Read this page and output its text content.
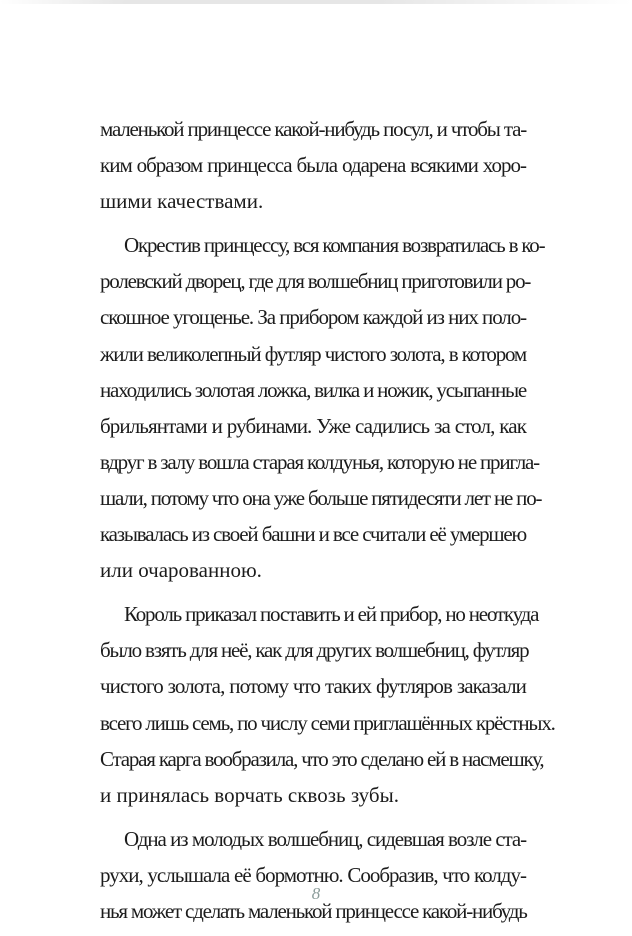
маленькой принцессе какой-нибудь посул, и чтобы та-
ким образом принцесса была одарена всякими хоро-
шими качествами.
Окрестив принцессу, вся компания возвратилась в ко-
ролевский дворец, где для волшебниц приготовили ро-
скошное угощенье. За прибором каждой из них поло-
жили великолепный футляр чистого золота, в котором
находились золотая ложка, вилка и ножик, усыпанные
брильянтами и рубинами. Уже садились за стол, как
вдруг в залу вошла старая колдунья, которую не пригла-
шали, потому что она уже больше пятидесяти лет не по-
казывалась из своей башни и все считали её умершею
или очарованною.
Король приказал поставить и ей прибор, но неоткуда
было взять для неё, как для других волшебниц, футляр
чистого золота, потому что таких футляров заказали
всего лишь семь, по числу семи приглашённых крёстных.
Старая карга вообразила, что это сделано ей в насмешку,
и принялась ворчать сквозь зубы.
Одна из молодых волшебниц, сидевшая возле ста-
рухи, услышала её бормотню. Сообразив, что колду-
нья может сделать маленькой принцессе какой-нибудь
8
